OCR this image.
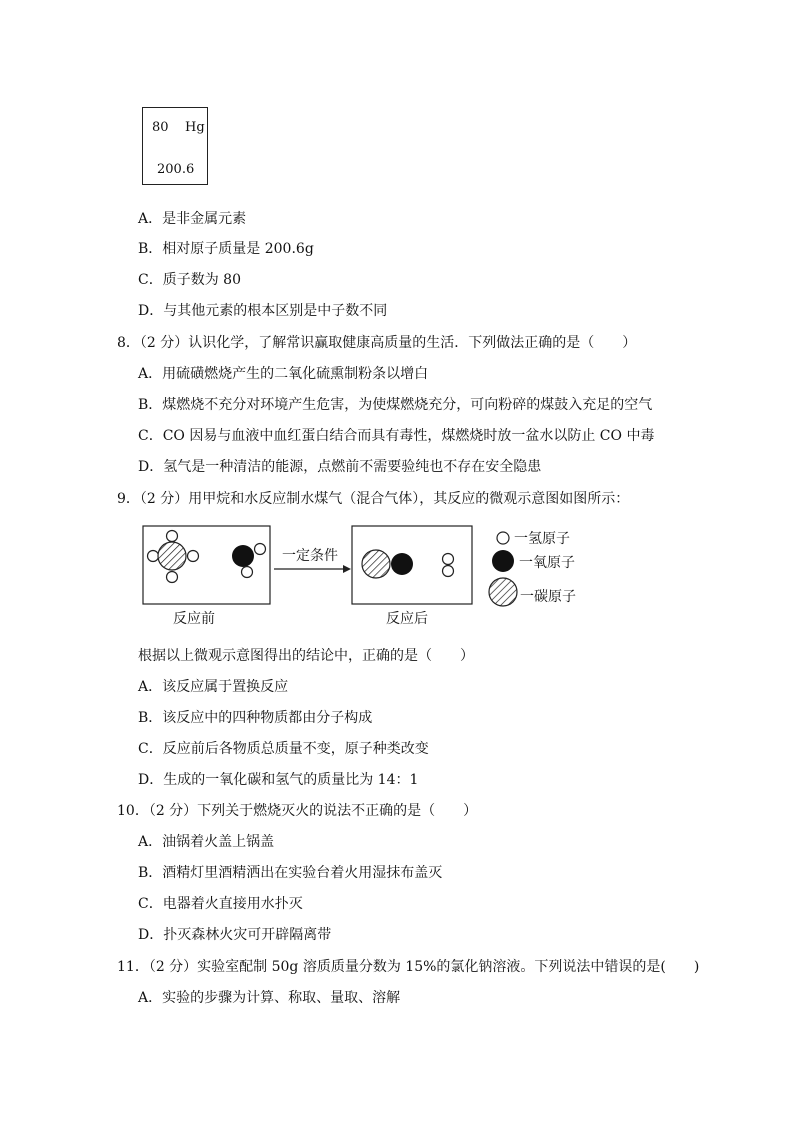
80 Hg
200.6
A．是非金属元素
B．相对原子质量是 200.6g
C．质子数为 80
D．与其他元素的根本区别是中子数不同
8．（2 分）认识化学，了解常识赢取健康高质量的生活．下列做法正确的是（　　）
A．用硫磺燃烧产生的二氧化硫熏制粉条以增白
B．煤燃烧不充分对环境产生危害，为使煤燃烧充分，可向粉碎的煤鼓入充足的空气
C．CO 因易与血液中血红蛋白结合而具有毒性，煤燃烧时放一盆水以防止 CO 中毒
D．氢气是一种清洁的能源，点燃前不需要验纯也不存在安全隐患
9．（2 分）用甲烷和水反应制水煤气（混合气体），其反应的微观示意图如图所示：
一定条件
一氢原子
一氧原子
一碳原子
反应前	反应后
根据以上微观示意图得出的结论中，正确的是（　　）
A．该反应属于置换反应
B．该反应中的四种物质都由分子构成
C．反应前后各物质总质量不变，原子种类改变
D．生成的一氧化碳和氢气的质量比为 14：1
10．（2 分）下列关于燃烧灭火的说法不正确的是（　　）
A．油锅着火盖上锅盖
B．酒精灯里酒精洒出在实验台着火用湿抹布盖灭
C．电器着火直接用水扑灭
D．扑灭森林火灾可开辟隔离带
11．（2 分）实验室配制 50g 溶质质量分数为 15%的氯化钠溶液。下列说法中错误的是(　　)
A．实验的步骤为计算、称取、量取、溶解
